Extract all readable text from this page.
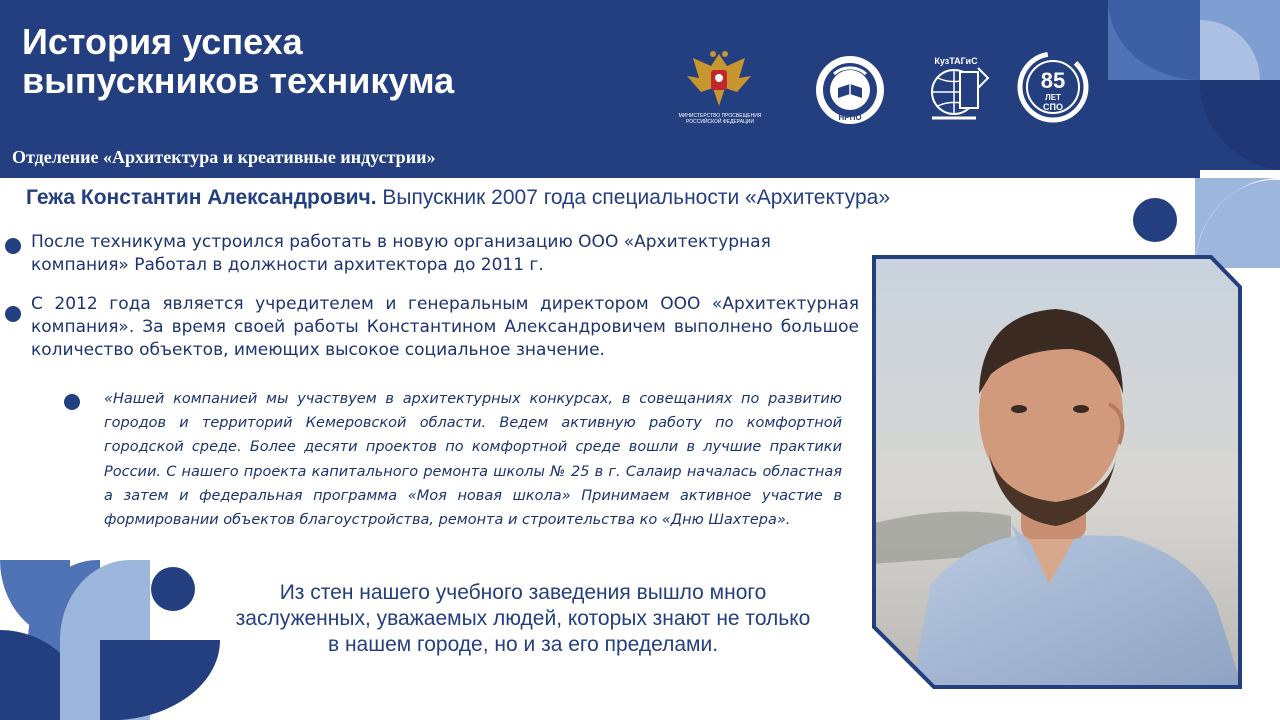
История успеха
выпускников техникума
Отделение «Архитектура и креативные индустрии»
МИНИСТЕРСТВО ПРОСВЕЩЕНИЯ
РОССИЙСКОЙ ФЕДЕРАЦИИ	НРПО
КузТАГиС
85
ЛЕТ
СПО
Гежа Константин Александрович. Выпускник 2007 года специальности «Архитектура»
После техникума устроился работать в новую организацию ООО «Архитектурная компания» Работал в должности архитектора до 2011 г.
С 2012 года является учредителем и генеральным директором ООО «Архитектурная компания». За время своей работы Константином Александровичем выполнено большое количество объектов, имеющих высокое социальное значение.
«Нашей компанией мы участвуем в архитектурных конкурсах, в совещаниях по развитию городов и территорий Кемеровской области. Ведем активную работу по комфортной городской среде. Более десяти проектов по комфортной среде вошли в лучшие практики России. С нашего проекта капитального ремонта школы № 25 в г. Салаир началась областная а затем и федеральная программа «Моя новая школа» Принимаем активное участие в формировании объектов благоустройства, ремонта и строительства ко «Дню Шахтера».
Из стен нашего учебного заведения вышло много
заслуженных, уважаемых людей, которых знают не только
в нашем городе, но и за его пределами.
